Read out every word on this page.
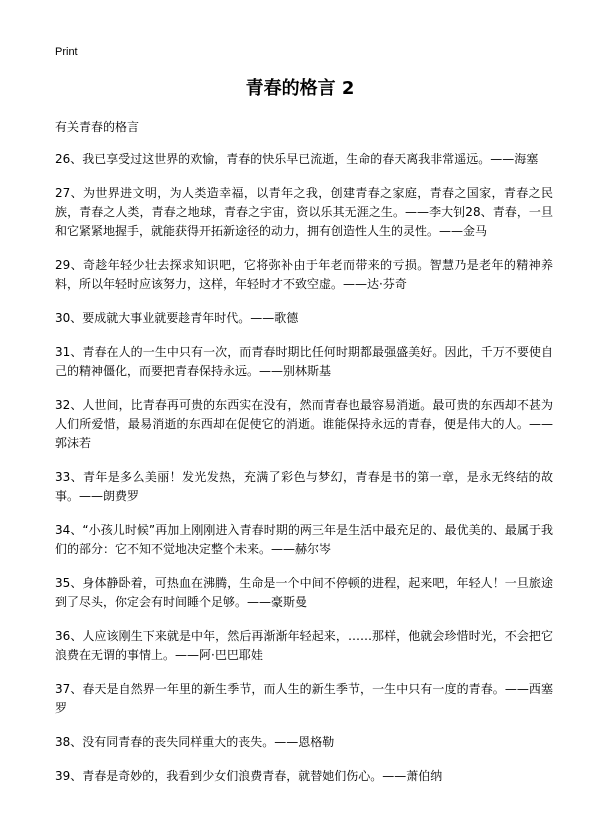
Print
青春的格言 2

有关青春的格言

26、我已享受过这世界的欢愉，青春的快乐早已流逝，生命的春天离我非常遥远。——海塞

27、为世界进文明，为人类造幸福，以青年之我，创建青春之家庭，青春之国家，青春之民族，青春之人类，青春之地球，青春之宇宙，资以乐其无涯之生。——李大钊28、青春，一旦和它紧紧地握手，就能获得开拓新途径的动力，拥有创造性人生的灵性。——金马

29、奇趁年轻少壮去探求知识吧，它将弥补由于年老而带来的亏损。智慧乃是老年的精神养料，所以年轻时应该努力，这样，年轻时才不致空虚。——达·芬奇

30、要成就大事业就要趁青年时代。——歌德

31、青春在人的一生中只有一次，而青春时期比任何时期都最强盛美好。因此，千万不要使自己的精神僵化，而要把青春保持永远。——别林斯基

32、人世间，比青春再可贵的东西实在没有，然而青春也最容易消逝。最可贵的东西却不甚为人们所爱惜，最易消逝的东西却在促使它的消逝。谁能保持永远的青春，便是伟大的人。——郭沫若

33、青年是多么美丽！发光发热，充满了彩色与梦幻，青春是书的第一章，是永无终结的故事。——朗费罗

34、“小孩儿时候”再加上刚刚进入青春时期的两三年是生活中最充足的、最优美的、最属于我们的部分：它不知不觉地决定整个未来。——赫尔岑

35、身体静卧着，可热血在沸腾，生命是一个中间不停顿的进程，起来吧，年轻人！一旦旅途到了尽头，你定会有时间睡个足够。——豪斯曼

36、人应该刚生下来就是中年，然后再渐渐年轻起来，……那样，他就会珍惜时光，不会把它浪费在无谓的事情上。——阿·巴巴耶娃

37、春天是自然界一年里的新生季节，而人生的新生季节，一生中只有一度的青春。——西塞罗

38、没有同青春的丧失同样重大的丧失。——恩格勒

39、青春是奇妙的，我看到少女们浪费青春，就替她们伤心。——萧伯纳
